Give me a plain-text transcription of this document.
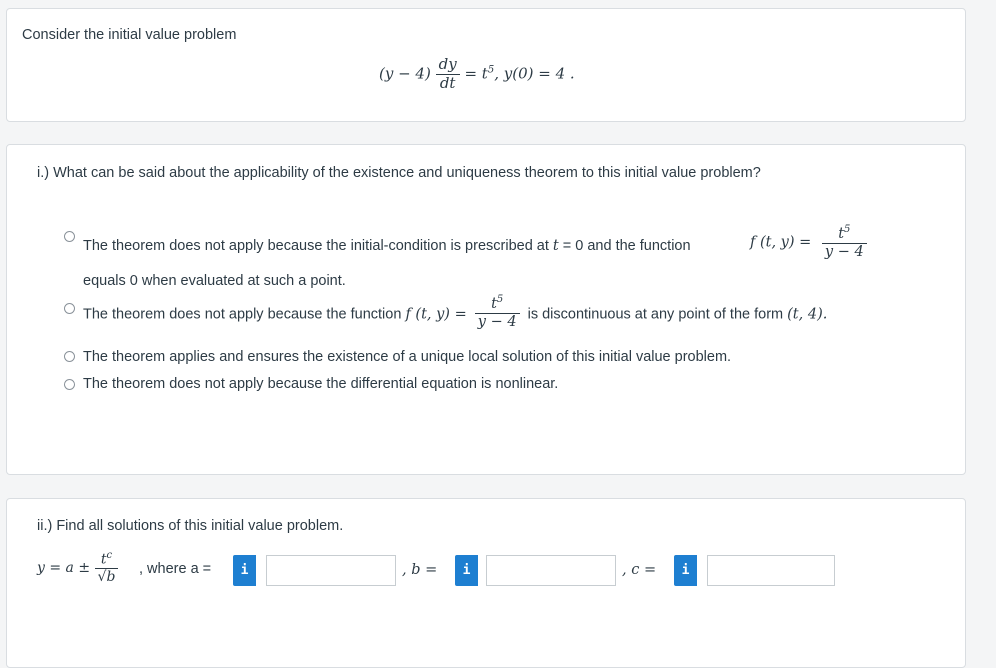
Consider the initial value problem
$(y - 4) \frac{dy}{dt} = t^5$, y(0) = 4 .
i.) What can be said about the applicability of the existence and uniqueness theorem to this initial value problem?
The theorem does not apply because the initial-condition is prescribed at t = 0 and the function	f (t, $y) = \frac{t^5}{y - 4}$
equals 0 when evaluated at such a point.
The theorem does not apply because the function f (t, $y) = \frac{t^5}{y - 4}$ is discontinuous at any point of the form (t, 4).
The theorem applies and ensures the existence of a unique local solution of this initial value problem.
The theorem does not apply because the differential equation is nonlinear.
ii.) Find all solutions of this initial value problem.
$y = a \pm \frac{t^c}{√b}$ , where a =	i	, b =	i	, c =	i
